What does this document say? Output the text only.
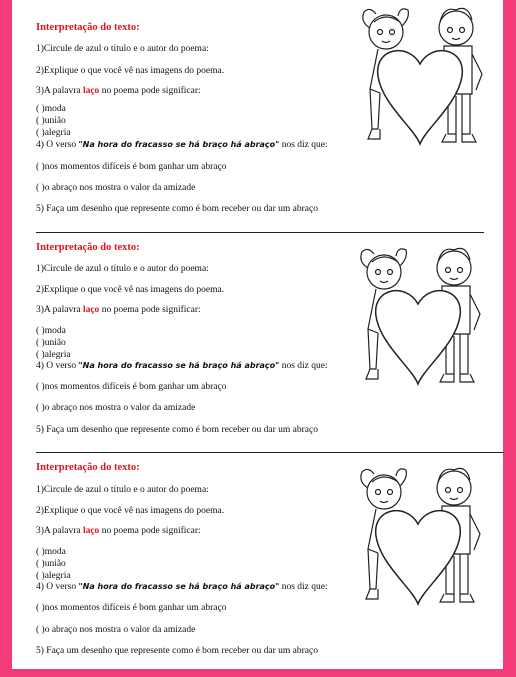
Interpretação do texto:
1)Circule de azul o título e o autor do poema:
2)Explique o que você vê nas imagens do poema.
3)A palavra laço no poema pode significar:
( )moda
( )união
( )alegria
4) O verso "Na hora do fracasso se há braço há abraço" nos diz que:
( )nos momentos difíceis é bom ganhar um abraço
( )o abraço nos mostra o valor da amizade
5) Faça um desenho que represente como é bom receber ou dar um abraço
Interpretação do texto:
1)Circule de azul o título e o autor do poema:
2)Explique o que você vê nas imagens do poema.
3)A palavra laço no poema pode significar:
( )moda
( )união
( )alegria
4) O verso "Na hora do fracasso se há braço há abraço" nos diz que:
( )nos momentos difíceis é bom ganhar um abraço
( )o abraço nos mostra o valor da amizade
5) Faça um desenho que represente como é bom receber ou dar um abraço
Interpretação do texto:
1)Circule de azul o título e o autor do poema:
2)Explique o que você vê nas imagens do poema.
3)A palavra laço no poema pode significar:
( )moda
( )união
( )alegria
4) O verso "Na hora do fracasso se há braço há abraço" nos diz que:
( )nos momentos difíceis é bom ganhar um abraço
( )o abraço nos mostra o valor da amizade
5) Faça um desenho que represente como é bom receber ou dar um abraço
